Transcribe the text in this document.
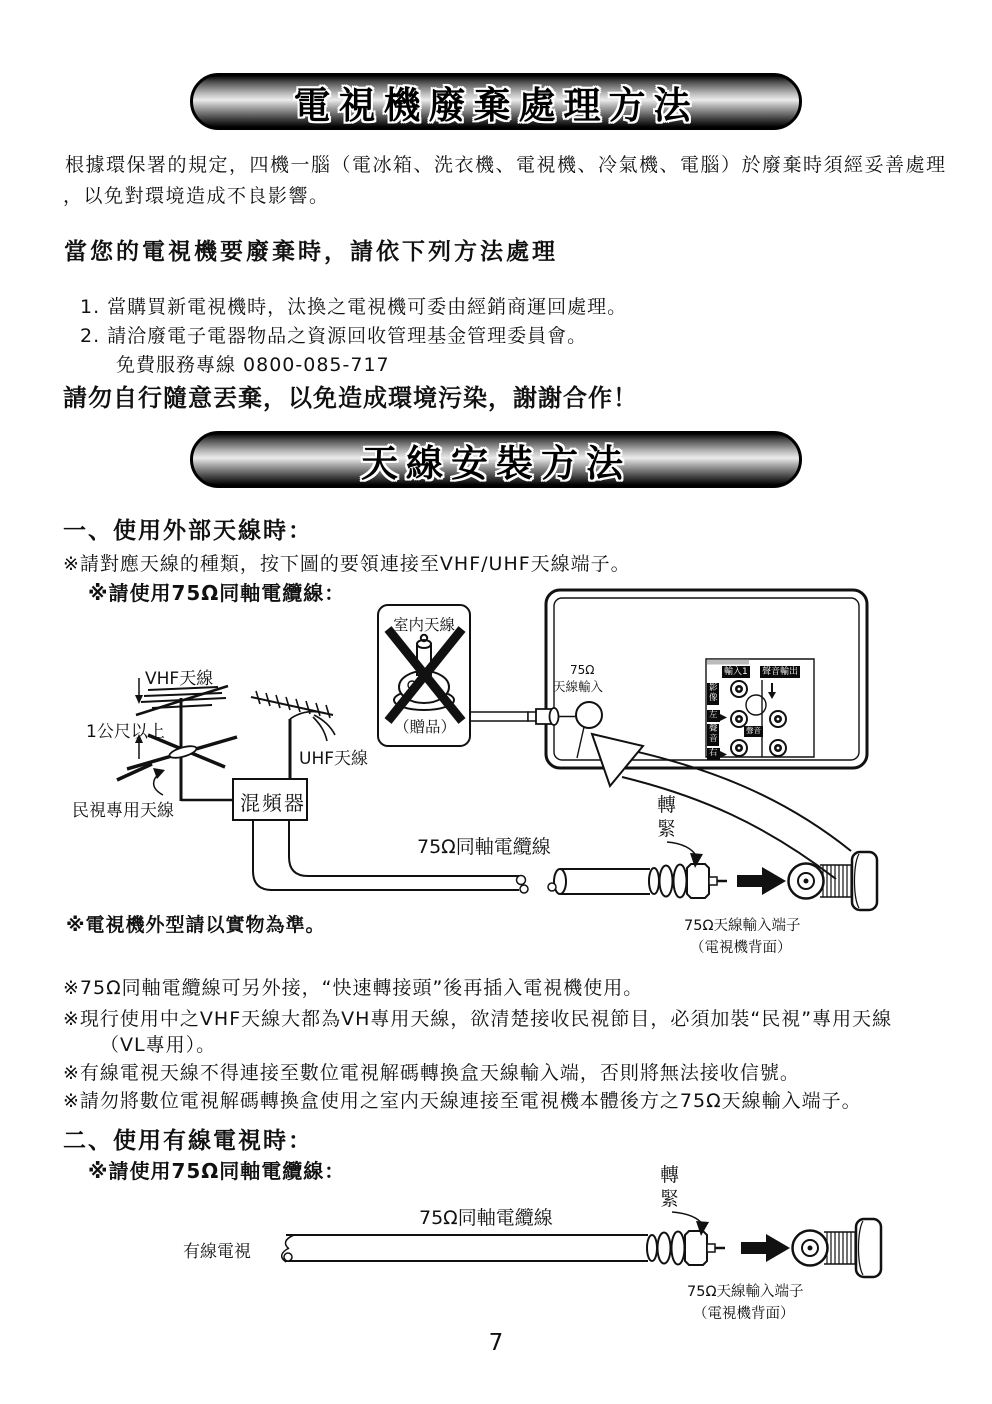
電視機廢棄處理方法
根據環保署的規定，四機一腦（電冰箱、洗衣機、電視機、冷氣機、電腦）於廢棄時須經妥善處理
，以免對環境造成不良影響。
當您的電視機要廢棄時，請依下列方法處理
1. 當購買新電視機時，汰換之電視機可委由經銷商運回處理。
2. 請洽廢電子電器物品之資源回收管理基金管理委員會。
免費服務專線 0800-085-717
請勿自行隨意丟棄，以免造成環境污染，謝謝合作！
天線安裝方法
一、使用外部天線時：
※請對應天線的種類，按下圖的要領連接至VHF/UHF天線端子。
※請使用75Ω同軸電纜線：
VHF天線
1公尺以上
民視專用天線
UHF天線
混頻器
室内天線
（贈品）
75Ω
天線輸入
75Ω同軸電纜線
轉緊
75Ω天線輸入端子
（電視機背面）
※電視機外型請以實物為準。
輸入1 聲音輸出
影像
左
聲音
右
聲音
※75Ω同軸電纜線可另外接，“快速轉接頭”後再插入電視機使用。
※現行使用中之VHF天線大都為VH專用天線，欲清楚接收民視節目，必須加裝“民視”專用天線
（VL專用）。
※有線電視天線不得連接至數位電視解碼轉換盒天線輸入端，否則將無法接收信號。
※請勿將數位電視解碼轉換盒使用之室内天線連接至電視機本體後方之75Ω天線輸入端子。
二、使用有線電視時：
※請使用75Ω同軸電纜線：	轉緊
75Ω同軸電纜線
有線電視
75Ω天線輸入端子
（電視機背面）
7
